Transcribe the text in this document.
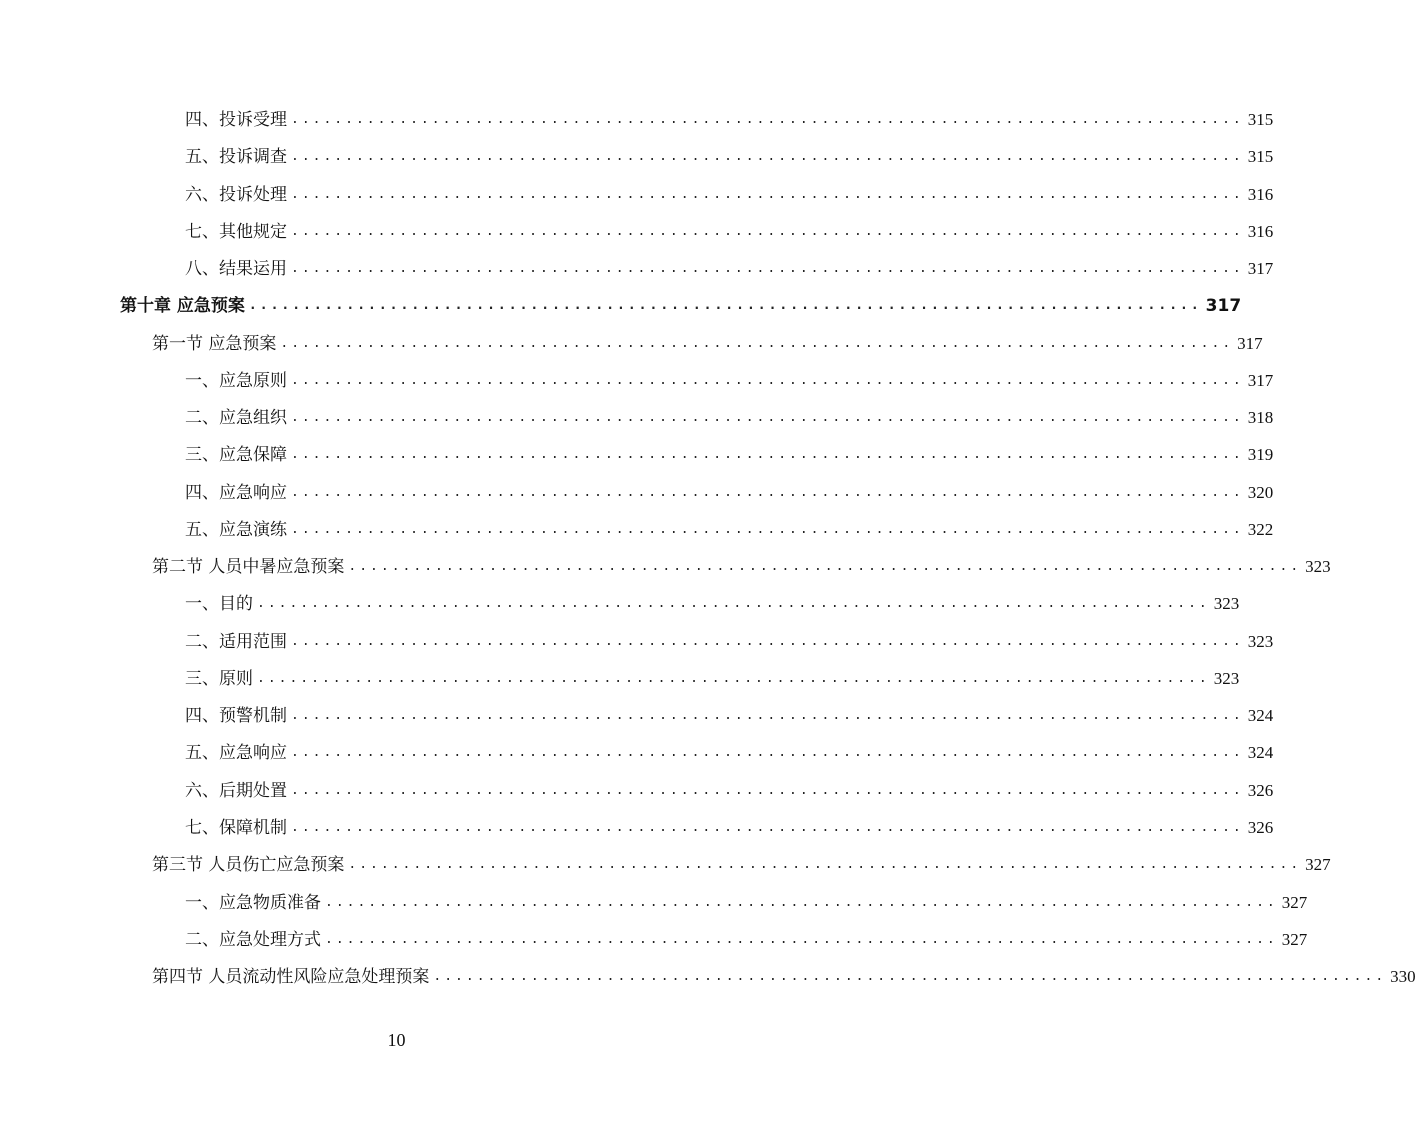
四、投诉受理 ........................................................................................ 315
五、投诉调查 ........................................................................................ 315
六、投诉处理 ........................................................................................ 316
七、其他规定 ........................................................................................ 316
八、结果运用 ........................................................................................ 317
第十章 应急预案 ........................................................................................ 317
第一节 应急预案 ........................................................................................ 317
一、应急原则 ........................................................................................ 317
二、应急组织 ........................................................................................ 318
三、应急保障 ........................................................................................ 319
四、应急响应 ........................................................................................ 320
五、应急演练 ........................................................................................ 322
第二节 人员中暑应急预案 ........................................................................................ 323
一、目的 ........................................................................................ 323
二、适用范围 ........................................................................................ 323
三、原则 ........................................................................................ 323
四、预警机制 ........................................................................................ 324
五、应急响应 ........................................................................................ 324
六、后期处置 ........................................................................................ 326
七、保障机制 ........................................................................................ 326
第三节 人员伤亡应急预案 ........................................................................................ 327
一、应急物质准备 ........................................................................................ 327
二、应急处理方式 ........................................................................................ 327
第四节 人员流动性风险应急处理预案 ........................................................................................ 330
10
